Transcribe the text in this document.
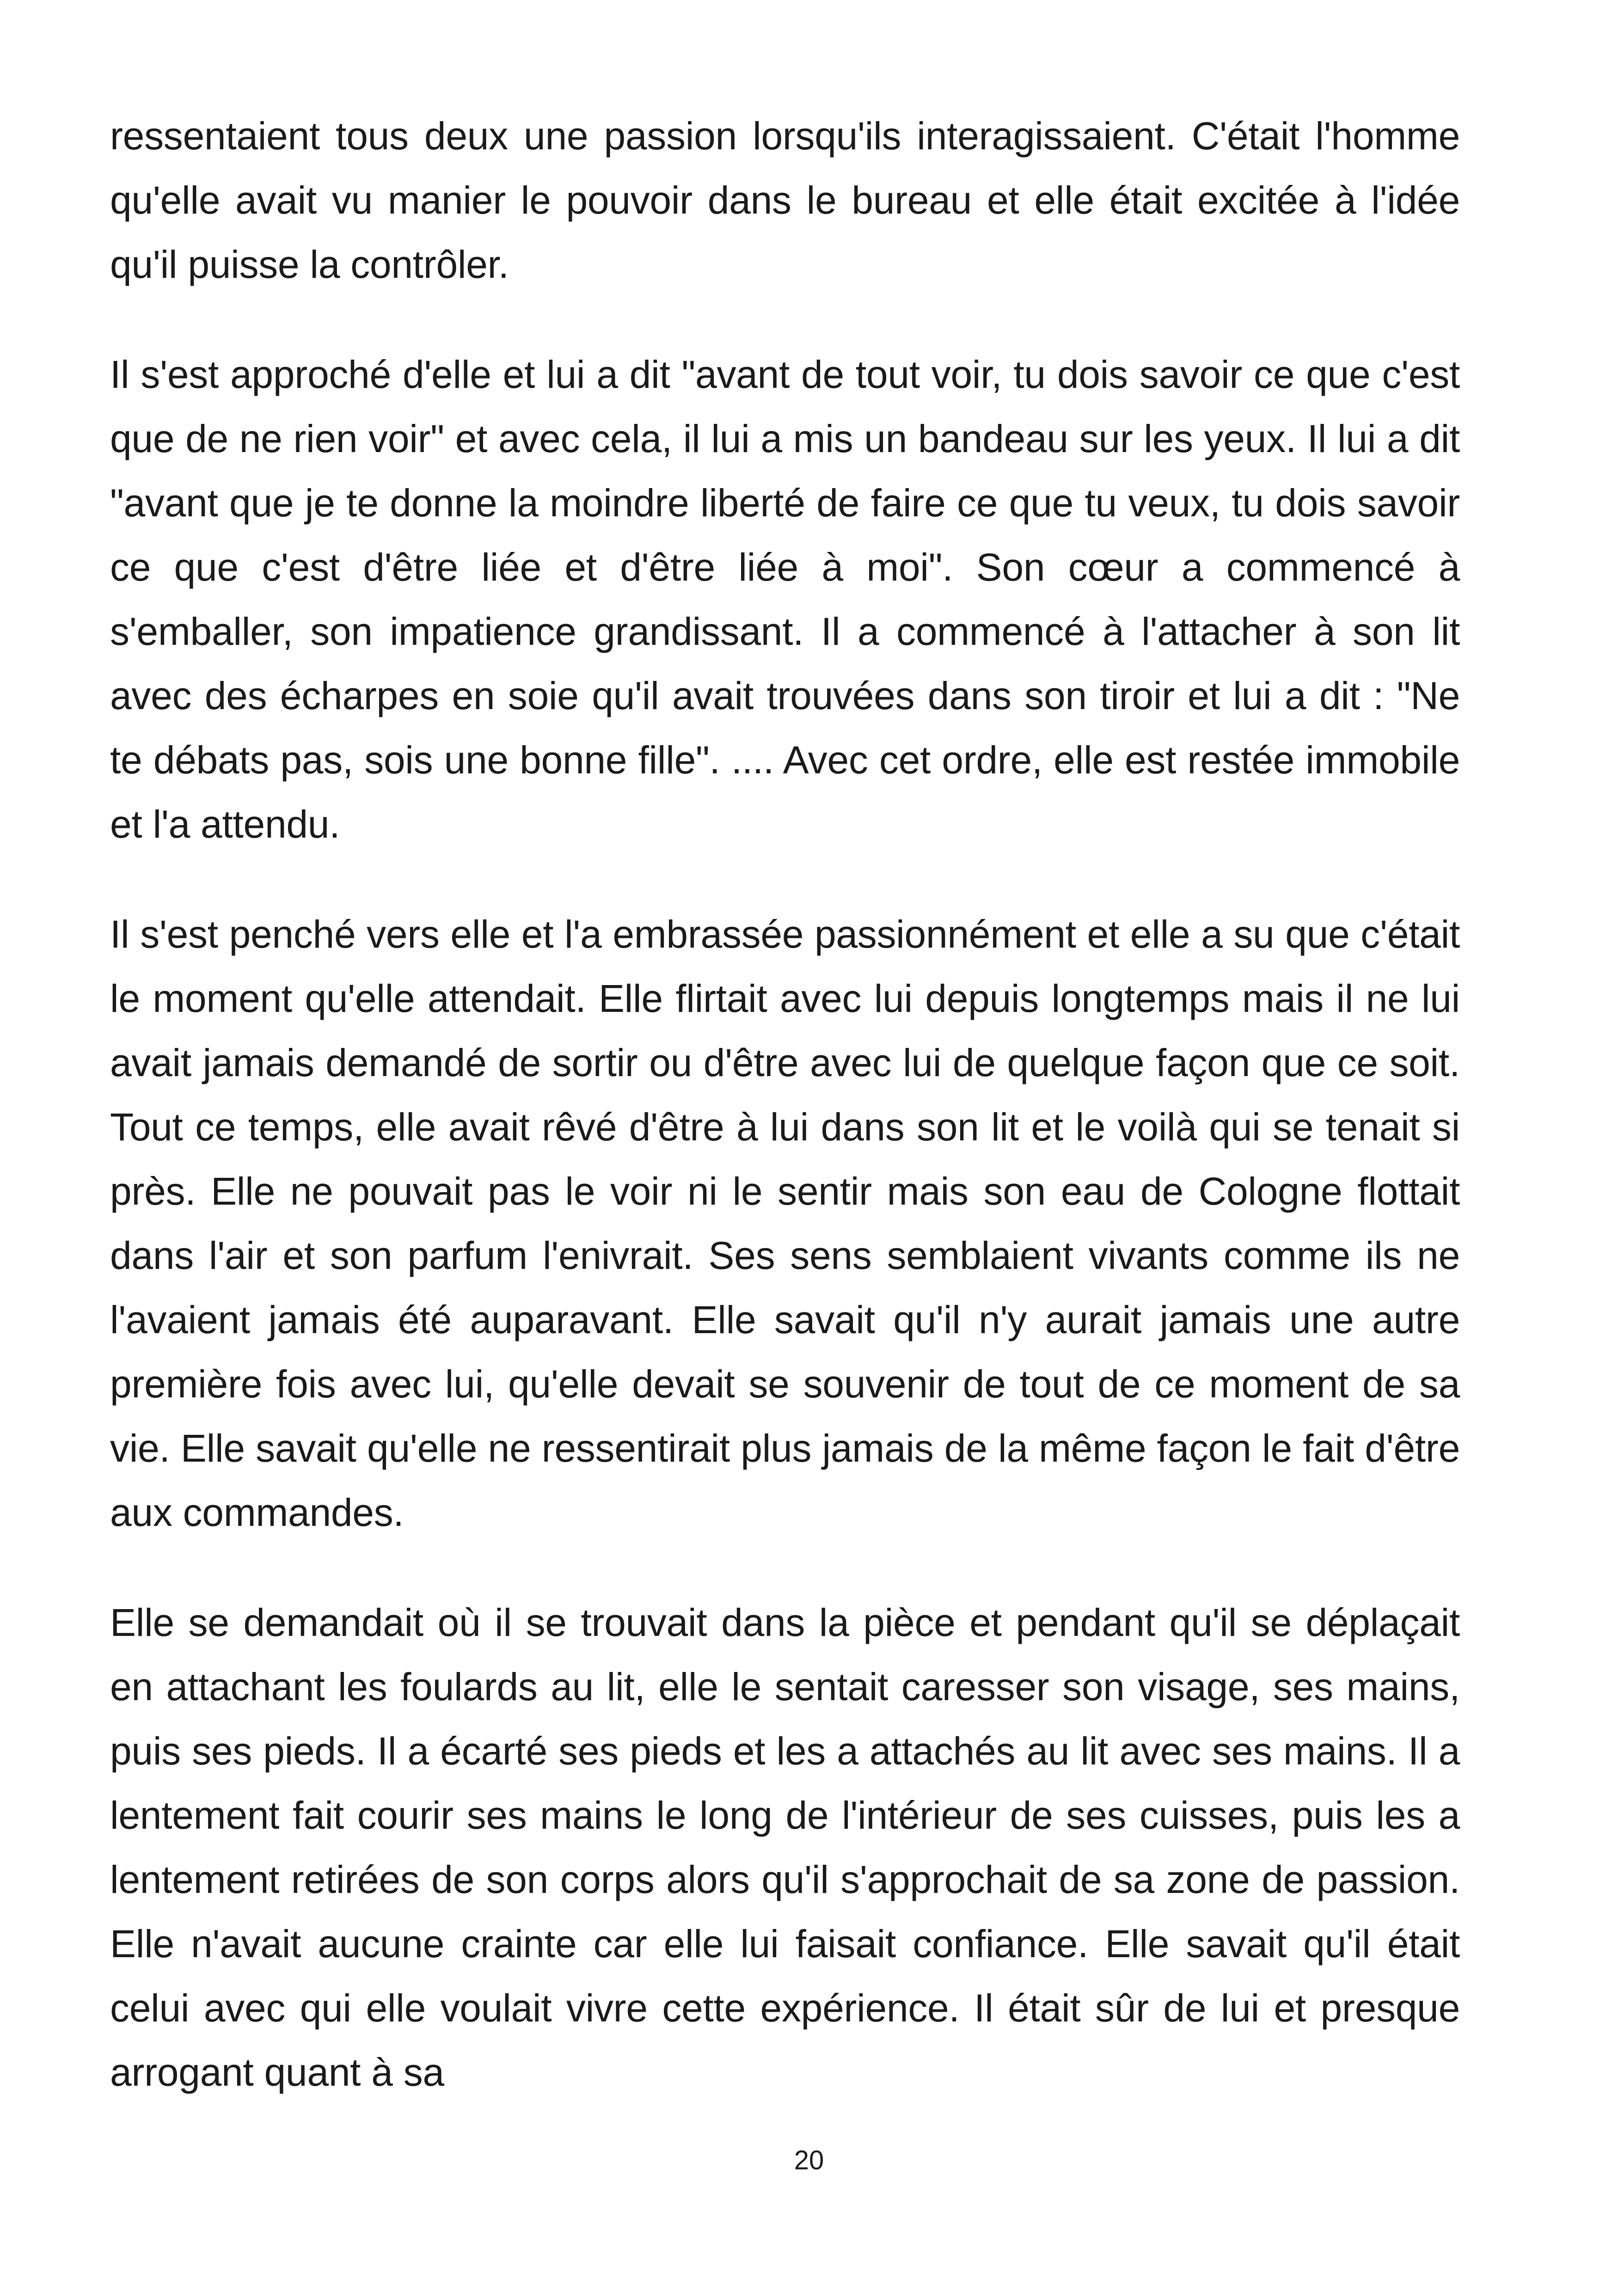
ressentaient tous deux une passion lorsqu'ils interagissaient. C'était l'homme qu'elle avait vu manier le pouvoir dans le bureau et elle était excitée à l'idée qu'il puisse la contrôler.

Il s'est approché d'elle et lui a dit "avant de tout voir, tu dois savoir ce que c'est que de ne rien voir" et avec cela, il lui a mis un bandeau sur les yeux. Il lui a dit "avant que je te donne la moindre liberté de faire ce que tu veux, tu dois savoir ce que c'est d'être liée et d'être liée à moi". Son cœur a commencé à s'emballer, son impatience grandissant. Il a commencé à l'attacher à son lit avec des écharpes en soie qu'il avait trouvées dans son tiroir et lui a dit : "Ne te débats pas, sois une bonne fille". .... Avec cet ordre, elle est restée immobile et l'a attendu.

Il s'est penché vers elle et l'a embrassée passionnément et elle a su que c'était le moment qu'elle attendait. Elle flirtait avec lui depuis longtemps mais il ne lui avait jamais demandé de sortir ou d'être avec lui de quelque façon que ce soit. Tout ce temps, elle avait rêvé d'être à lui dans son lit et le voilà qui se tenait si près. Elle ne pouvait pas le voir ni le sentir mais son eau de Cologne flottait dans l'air et son parfum l'enivrait. Ses sens semblaient vivants comme ils ne l'avaient jamais été auparavant. Elle savait qu'il n'y aurait jamais une autre première fois avec lui, qu'elle devait se souvenir de tout de ce moment de sa vie. Elle savait qu'elle ne ressentirait plus jamais de la même façon le fait d'être aux commandes.

Elle se demandait où il se trouvait dans la pièce et pendant qu'il se déplaçait en attachant les foulards au lit, elle le sentait caresser son visage, ses mains, puis ses pieds. Il a écarté ses pieds et les a attachés au lit avec ses mains. Il a lentement fait courir ses mains le long de l'intérieur de ses cuisses, puis les a lentement retirées de son corps alors qu'il s'approchait de sa zone de passion. Elle n'avait aucune crainte car elle lui faisait confiance. Elle savait qu'il était celui avec qui elle voulait vivre cette expérience. Il était sûr de lui et presque arrogant quant à sa

20
